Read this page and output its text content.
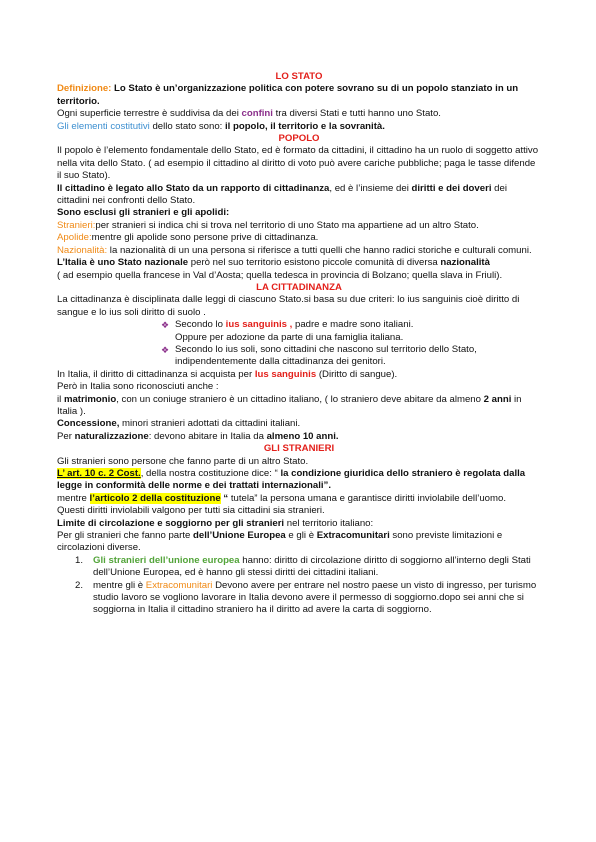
LO STATO

Definizione: Lo Stato è un’organizzazione politica con potere sovrano su di un popolo stanziato in un territorio.

Ogni superficie terrestre è suddivisa da dei confini tra diversi Stati e tutti hanno uno Stato.

Gli elementi costitutivi dello stato sono: il popolo, il territorio e la sovranità.

POPOLO

Il popolo è l’elemento fondamentale dello Stato, ed è formato da cittadini, il cittadino ha un ruolo di soggetto attivo nella vita dello Stato. ( ad esempio il cittadino al diritto di voto può avere cariche pubbliche; paga le tasse difende il suo Stato).

Il cittadino è legato allo Stato da un rapporto di cittadinanza, ed è l’insieme dei diritti e dei doveri dei cittadini nei confronti dello Stato.

Sono esclusi gli stranieri e gli apolidi:

Stranieri:per stranieri si indica chi si trova nel territorio di uno Stato ma appartiene ad un altro Stato.

Apolide:mentre gli apolide sono persone prive di cittadinanza.

Nazionalità: la nazionalità di un una persona si riferisce a tutti quelli che hanno radici storiche e culturali comuni.

L’Italia è uno Stato nazionale però nel suo territorio esistono piccole comunità di diversa nazionalità
( ad esempio quella francese in Val d’Aosta; quella tedesca in provincia di Bolzano; quella slava in Friuli).

LA CITTADINANZA

La cittadinanza è disciplinata dalle leggi di ciascuno Stato.si basa su due criteri: lo ius sanguinis cioè diritto di sangue e lo ius soli diritto di suolo .

❖ Secondo lo ius sanguinis , padre e madre sono italiani.

Oppure per adozione da parte di una famiglia italiana.

❖ Secondo lo ius soli, sono cittadini che nascono sul territorio dello Stato, indipendentemente dalla cittadinanza dei genitori.

In Italia, il diritto di cittadinanza si acquista per Ius sanguinis (Diritto di sangue).

Però in Italia sono riconosciuti anche :

il matrimonio, con un coniuge straniero è un cittadino italiano, ( lo straniero deve abitare da almeno 2 anni in Italia ).

Concessione, minori stranieri adottati da cittadini italiani.

Per naturalizzazione: devono abitare in Italia da almeno 10 anni.

GLI STRANIERI

Gli stranieri sono persone che fanno parte di un altro Stato.

L’ art. 10 c. 2 Cost., della nostra costituzione dice: “ la condizione giuridica dello straniero è regolata dalla legge in conformità delle norme e dei trattati internazionali”.

mentre l’articolo 2 della costituzione “ tutela” la persona umana e garantisce diritti inviolabile dell’uomo.

Questi diritti inviolabili valgono per tutti sia cittadini sia stranieri.

Limite di circolazione e soggiorno per gli stranieri nel territorio italiano:

Per gli stranieri che fanno parte dell’Unione Europea e gli è Extracomunitari sono previste limitazioni e circolazioni diverse.

1.	Gli stranieri dell’unione europea hanno: diritto di circolazione diritto di soggiorno all’interno degli Stati dell’Unione Europea, ed è hanno gli stessi diritti dei cittadini italiani.
2.	mentre gli è Extracomunitari Devono avere per entrare nel nostro paese un visto di ingresso, per turismo studio lavoro se vogliono lavorare in Italia devono avere il permesso di soggiorno.dopo sei anni che si soggiorna in Italia il cittadino straniero ha il diritto ad avere la carta di soggiorno.
